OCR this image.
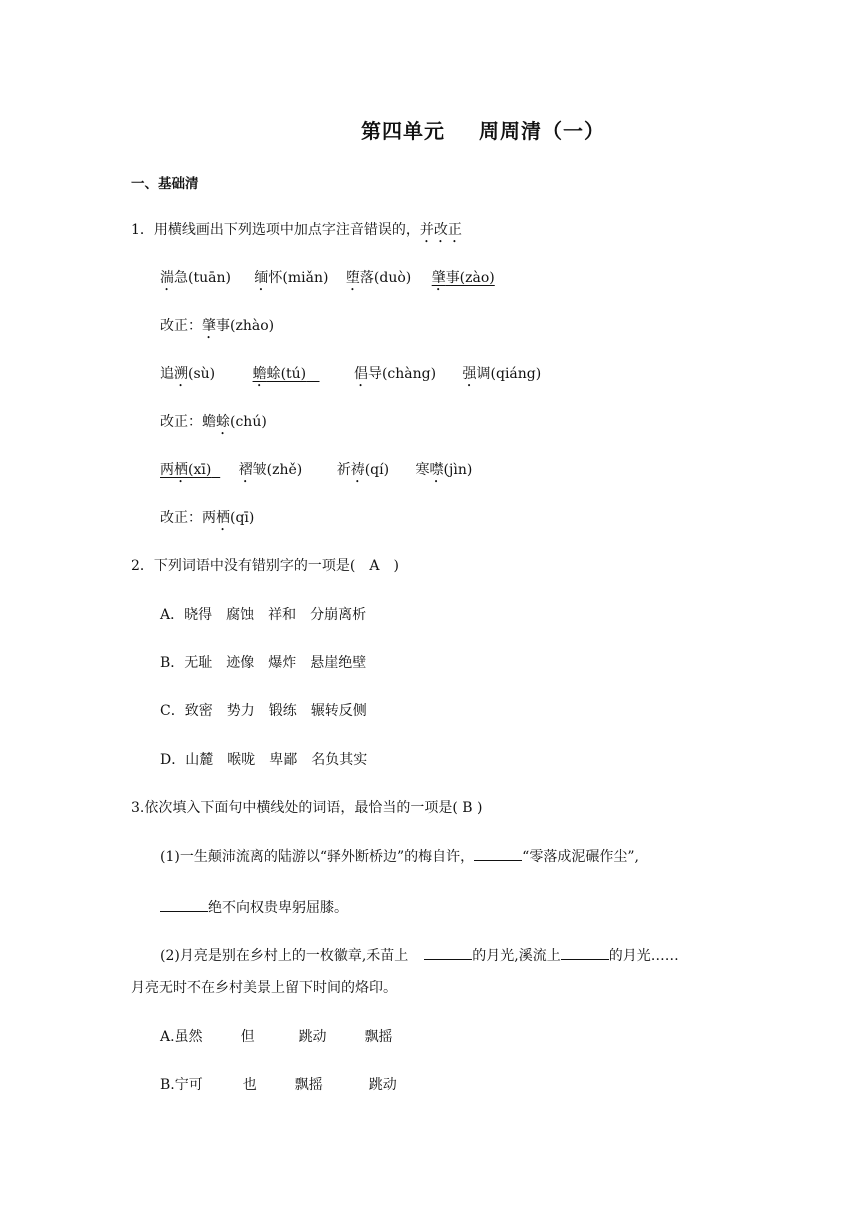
第四单元 周周清（一）
一、基础清
1．用横线画出下列选项中加点字注音错误的，并改正
湍急(tuān) 缅怀(miǎn) 堕落(duò) 肇事(zào)
改正：肇事(zhào)
追溯(sù)	蟾蜍(tú)	倡导(chàng) 强调(qiáng)
改正：蟾蜍(chú)
两栖(xī) 褶皱(zhě) 祈祷(qí) 寒噤(jìn)
改正：两栖(qī)
2．下列词语中没有错别字的一项是(　A　)
A．晓得　腐蚀　祥和　分崩离析
B．无耻　迹像　爆炸　悬崖绝壁
C．致密　势力　锻练　辗转反侧
D．山麓　喉咙　卑鄙　名负其实
3.依次填入下面句中横线处的词语，最恰当的一项是( B )
(1)一生颠沛流离的陆游以“驿外断桥边”的梅自许，	“零落成泥碾作尘”,
绝不向权贵卑躬屈膝。
(2)月亮是别在乡村上的一枚徽章,禾苗上	的月光,溪流上	的月光……
月亮无时不在乡村美景上留下时间的烙印。
A.虽然	但	跳动	飘摇
B.宁可	也	飘摇	跳动
